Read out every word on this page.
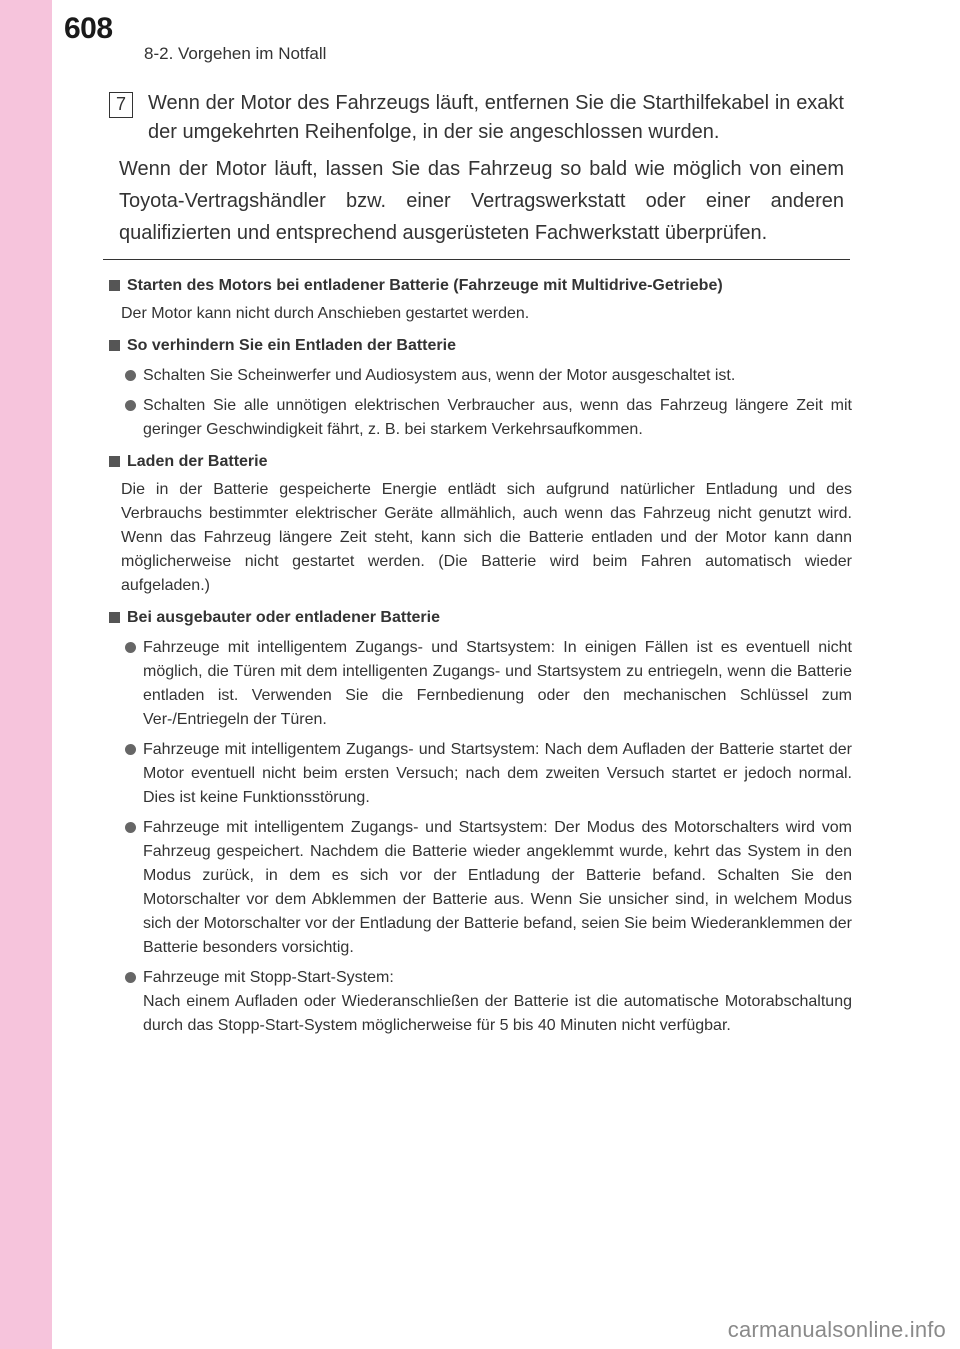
608
8-2. Vorgehen im Notfall
7	Wenn der Motor des Fahrzeugs läuft, entfernen Sie die Starthilfekabel in exakt der umgekehrten Reihenfolge, in der sie angeschlossen wurden.
Wenn der Motor läuft, lassen Sie das Fahrzeug so bald wie möglich von einem Toyota-Vertragshändler bzw. einer Vertragswerkstatt oder einer anderen qualifizierten und entsprechend ausgerüsteten Fachwerkstatt überprüfen.
Starten des Motors bei entladener Batterie (Fahrzeuge mit Multidrive-Getriebe)
Der Motor kann nicht durch Anschieben gestartet werden.
So verhindern Sie ein Entladen der Batterie
Schalten Sie Scheinwerfer und Audiosystem aus, wenn der Motor ausgeschaltet ist.
Schalten Sie alle unnötigen elektrischen Verbraucher aus, wenn das Fahrzeug längere Zeit mit geringer Geschwindigkeit fährt, z. B. bei starkem Verkehrsaufkommen.
Laden der Batterie
Die in der Batterie gespeicherte Energie entlädt sich aufgrund natürlicher Entladung und des Verbrauchs bestimmter elektrischer Geräte allmählich, auch wenn das Fahrzeug nicht genutzt wird. Wenn das Fahrzeug längere Zeit steht, kann sich die Batterie entladen und der Motor kann dann möglicherweise nicht gestartet werden. (Die Batterie wird beim Fahren automatisch wieder aufgeladen.)
Bei ausgebauter oder entladener Batterie
Fahrzeuge mit intelligentem Zugangs- und Startsystem: In einigen Fällen ist es eventuell nicht möglich, die Türen mit dem intelligenten Zugangs- und Startsystem zu entriegeln, wenn die Batterie entladen ist. Verwenden Sie die Fernbedienung oder den mechanischen Schlüssel zum Ver-/Entriegeln der Türen.
Fahrzeuge mit intelligentem Zugangs- und Startsystem: Nach dem Aufladen der Batterie startet der Motor eventuell nicht beim ersten Versuch; nach dem zweiten Versuch startet er jedoch normal. Dies ist keine Funktionsstörung.
Fahrzeuge mit intelligentem Zugangs- und Startsystem: Der Modus des Motorschalters wird vom Fahrzeug gespeichert. Nachdem die Batterie wieder angeklemmt wurde, kehrt das System in den Modus zurück, in dem es sich vor der Entladung der Batterie befand. Schalten Sie den Motorschalter vor dem Abklemmen der Batterie aus. Wenn Sie unsicher sind, in welchem Modus sich der Motorschalter vor der Entladung der Batterie befand, seien Sie beim Wiederanklemmen der Batterie besonders vorsichtig.
Fahrzeuge mit Stopp-Start-System:
Nach einem Aufladen oder Wiederanschließen der Batterie ist die automatische Motorabschaltung durch das Stopp-Start-System möglicherweise für 5 bis 40 Minuten nicht verfügbar.
carmanualsonline.info
